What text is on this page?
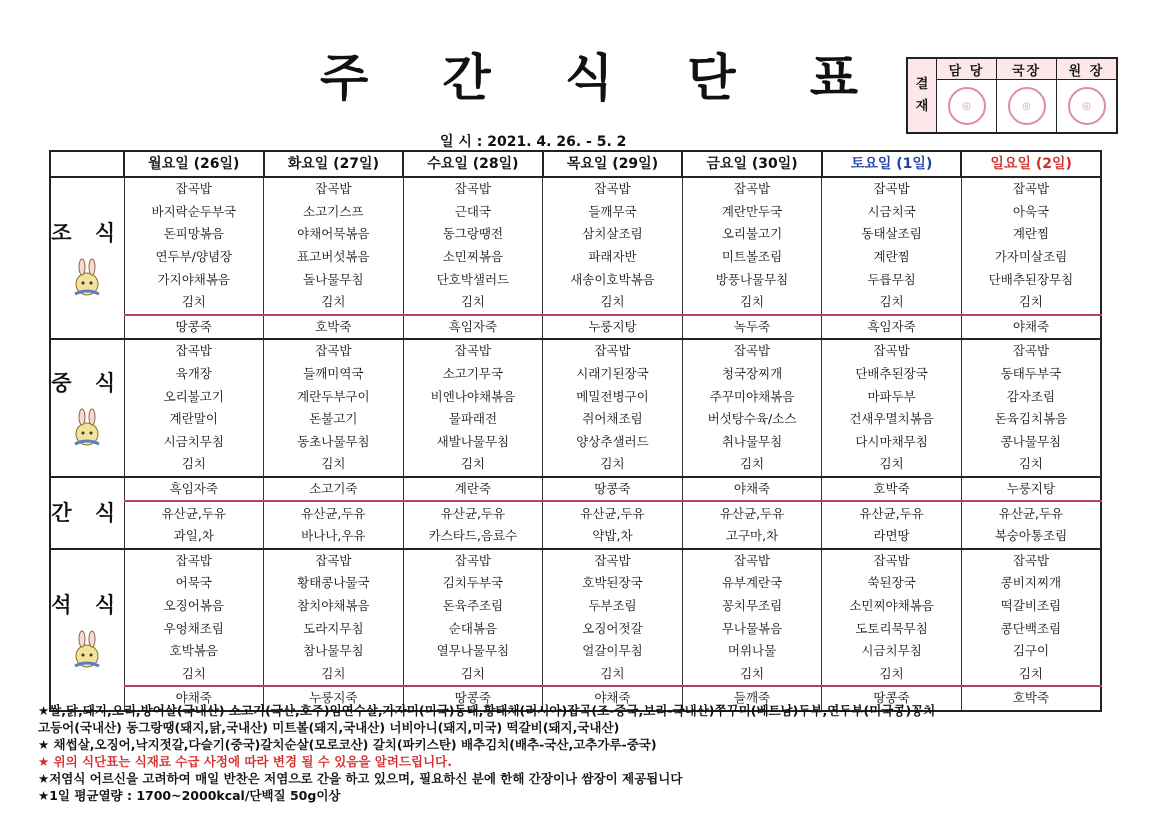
주 간 식 단 표	결
재
담 당
◎
국장
◎
원 장
◎
일 시 : 2021. 4. 26. - 5. 2
	월요일 (26일)	화요일 (27일)	수요일 (28일)	목요일 (29일)	금요일 (30일)	토요일 (1일)	일요일 (2일)

조 식	잡곡밥	잡곡밥	잡곡밥	잡곡밥	잡곡밥	잡곡밥	잡곡밥
	바지락순두부국	소고기스프	근대국	들깨무국	계란만두국	시금치국	아욱국
	돈피망볶음	야채어묵볶음	동그랑땡전	삼치살조림	오리불고기	동태살조림	계란찜
	연두부/양념장	표고버섯볶음	소민찌볶음	파래자반	미트볼조림	계란찜	가자미살조림
	가지야채볶음	돌나물무침	단호박샐러드	새송이호박볶음	방풍나물무침	두릅무침	단배추된장무침
	김치	김치	김치	김치	김치	김치	김치
	땅콩죽	호박죽	흑임자죽	누룽지탕	녹두죽	흑임자죽	야채죽

중 식	잡곡밥	잡곡밥	잡곡밥	잡곡밥	잡곡밥	잡곡밥	잡곡밥
	육개장	들깨미역국	소고기무국	시래기된장국	청국장찌개	단배추된장국	동태두부국
	오리불고기	계란두부구이	비엔나야채볶음	메밀전병구이	주꾸미야채볶음	마파두부	감자조림
	계란말이	돈불고기	물파래전	쥐어채조림	버섯탕수육/소스	건새우멸치볶음	돈육김치볶음
	시금치무침	동초나물무침	새발나물무침	양상추샐러드	취나물무침	다시마채무침	콩나물무침
	김치	김치	김치	김치	김치	김치	김치

간 식	흑임자죽	소고기죽	계란죽	땅콩죽	야채죽	호박죽	누룽지탕
	유산균,두유	유산균,두유	유산균,두유	유산균,두유	유산균,두유	유산균,두유	유산균,두유
	과일,차	바나나,우유	카스타드,음료수	약밥,차	고구마,차	라면땅	복숭아통조림

석 식	잡곡밥	잡곡밥	잡곡밥	잡곡밥	잡곡밥	잡곡밥	잡곡밥
	어묵국	황태콩나물국	김치두부국	호박된장국	유부계란국	쑥된장국	콩비지찌개
	오징어볶음	참치야채볶음	돈육주조림	두부조림	꽁치무조림	소민찌야채볶음	떡갈비조림
	우엉채조림	도라지무침	순대볶음	오징어젓갈	무나물볶음	도토리묵무침	콩단백조림
	호박볶음	참나물무침	열무나물무침	얼갈이무침	머위나물	시금치무침	김구이
	김치	김치	김치	김치	김치	김치	김치
	야채죽	누룽지죽	땅콩죽	야채죽	들깨죽	땅콩죽	호박죽
★쌀,닭,돼지,오리,방어살(국내산) 소고기(국산,호주)임연수살,가자미(미국)동태,황태채(러시아)잡곡(조-중국,보리-국내산)쭈꾸미(베트남)두부,연두부(미국콩)꽁치
고등어(국내산) 동그랑땡(돼지,닭,국내산) 미트볼(돼지,국내산) 너비아니(돼지,미국) 떡갈비(돼지,국내산)
★ 채썹살,오징어,낙지젓갈,다슬기(중국)갈치순살(모로코산) 갈치(파키스탄) 배추김치(배추-국산,고추가루-중국)
★ 위의 식단표는 식재료 수급 사정에 따라 변경 될 수 있음을 알려드립니다.
★저염식 어르신을 고려하여 매일 반찬은 저염으로 간을 하고 있으며, 필요하신 분에 한해 간장이나 쌈장이 제공됩니다
★1일 평균열량 : 1700~2000kcal/단백질 50g이상
